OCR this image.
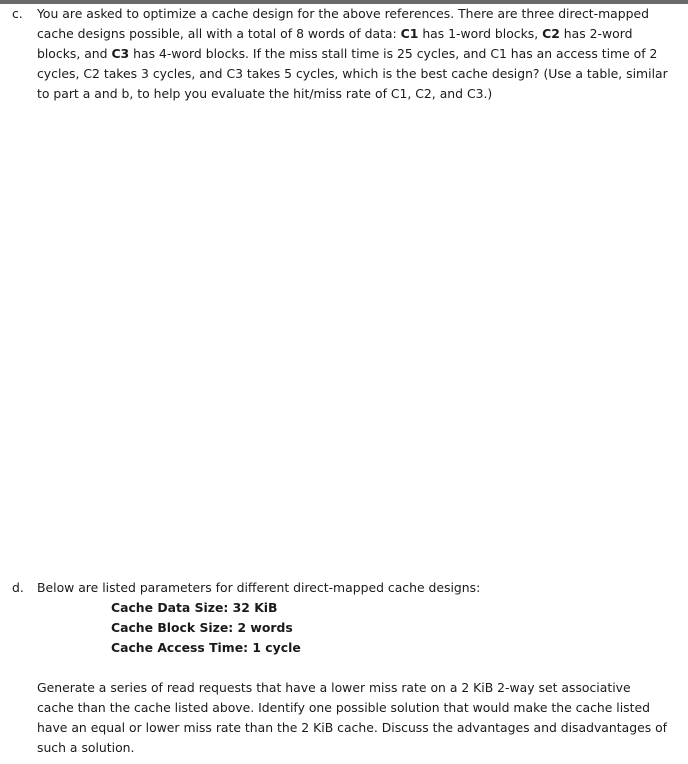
c. You are asked to optimize a cache design for the above references. There are three direct-mapped cache designs possible, all with a total of 8 words of data: C1 has 1-word blocks, C2 has 2-word blocks, and C3 has 4-word blocks. If the miss stall time is 25 cycles, and C1 has an access time of 2 cycles, C2 takes 3 cycles, and C3 takes 5 cycles, which is the best cache design? (Use a table, similar to part a and b, to help you evaluate the hit/miss rate of C1, C2, and C3.)

d. Below are listed parameters for different direct-mapped cache designs:

Cache Data Size: 32 KiB
Cache Block Size: 2 words
Cache Access Time: 1 cycle

Generate a series of read requests that have a lower miss rate on a 2 KiB 2-way set associative cache than the cache listed above. Identify one possible solution that would make the cache listed have an equal or lower miss rate than the 2 KiB cache. Discuss the advantages and disadvantages of such a solution.
